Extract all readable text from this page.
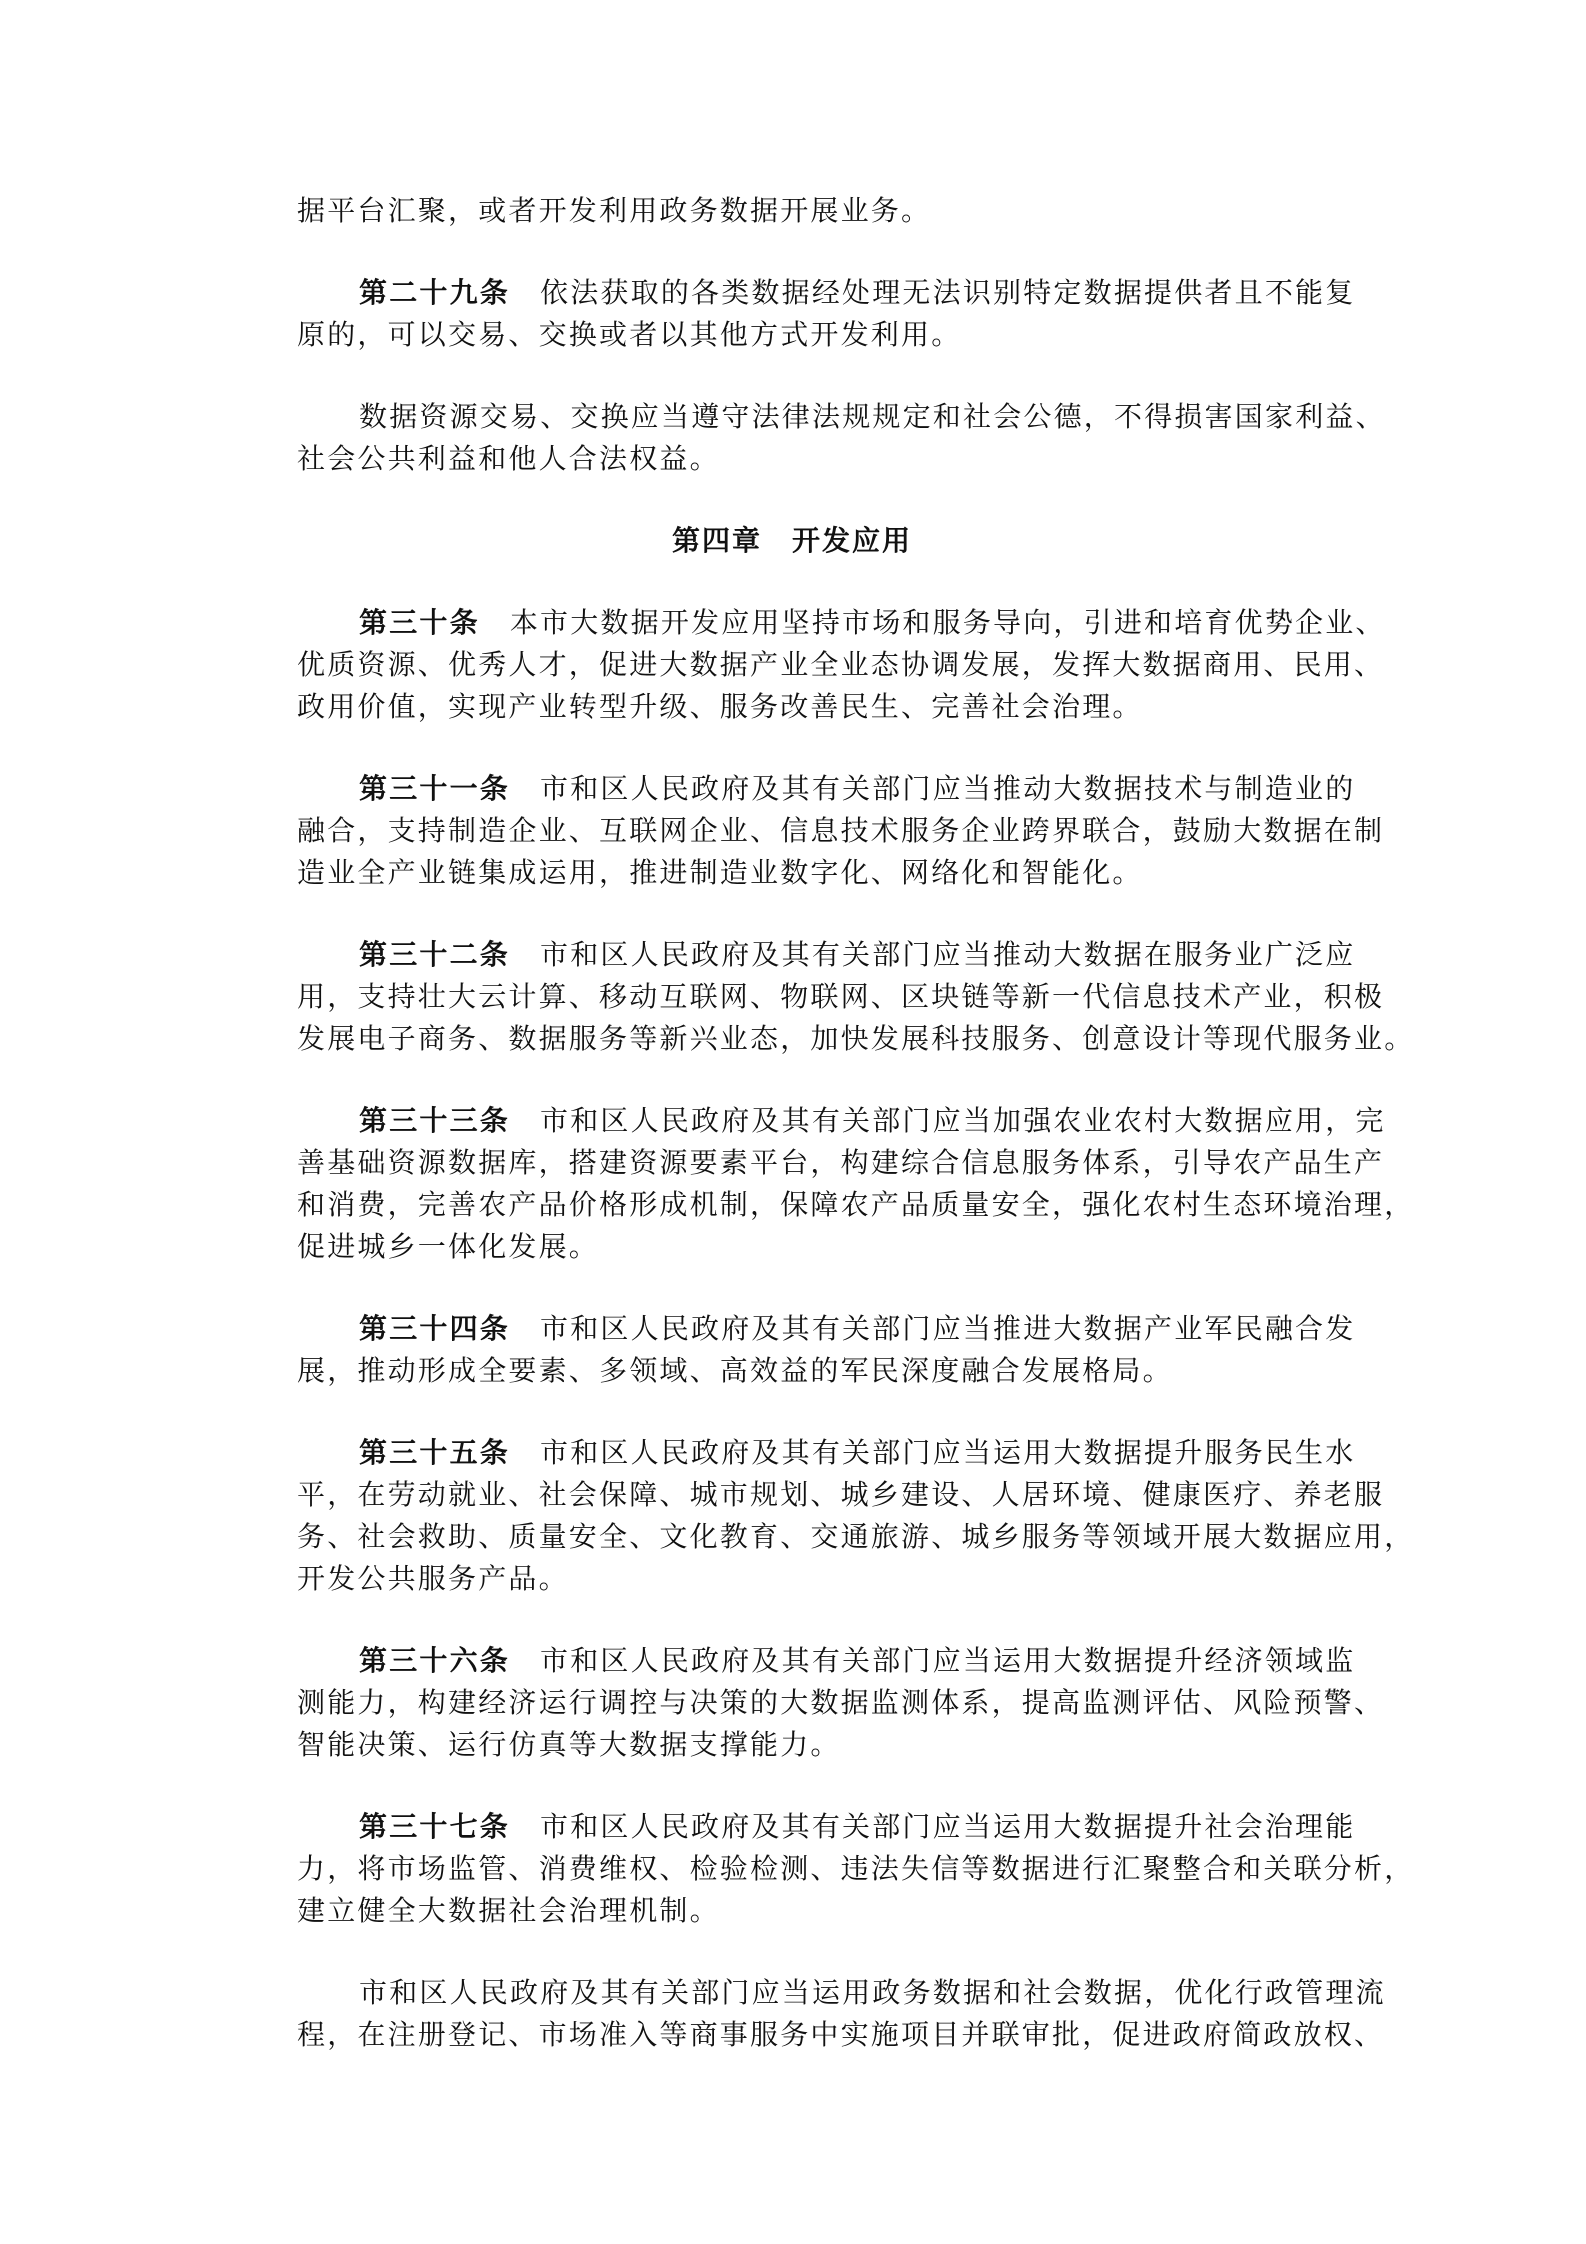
据平台汇聚，或者开发利用政务数据开展业务。

第二十九条 依法获取的各类数据经处理无法识别特定数据提供者且不能复
原的，可以交易、交换或者以其他方式开发利用。

数据资源交易、交换应当遵守法律法规规定和社会公德，不得损害国家利益、
社会公共利益和他人合法权益。

第四章 开发应用

第三十条 本市大数据开发应用坚持市场和服务导向，引进和培育优势企业、
优质资源、优秀人才，促进大数据产业全业态协调发展，发挥大数据商用、民用、
政用价值，实现产业转型升级、服务改善民生、完善社会治理。

第三十一条 市和区人民政府及其有关部门应当推动大数据技术与制造业的
融合，支持制造企业、互联网企业、信息技术服务企业跨界联合，鼓励大数据在制
造业全产业链集成运用，推进制造业数字化、网络化和智能化。

第三十二条 市和区人民政府及其有关部门应当推动大数据在服务业广泛应
用，支持壮大云计算、移动互联网、物联网、区块链等新一代信息技术产业，积极
发展电子商务、数据服务等新兴业态，加快发展科技服务、创意设计等现代服务业。

第三十三条 市和区人民政府及其有关部门应当加强农业农村大数据应用，完
善基础资源数据库，搭建资源要素平台，构建综合信息服务体系，引导农产品生产
和消费，完善农产品价格形成机制，保障农产品质量安全，强化农村生态环境治理，
促进城乡一体化发展。

第三十四条 市和区人民政府及其有关部门应当推进大数据产业军民融合发
展，推动形成全要素、多领域、高效益的军民深度融合发展格局。

第三十五条 市和区人民政府及其有关部门应当运用大数据提升服务民生水
平，在劳动就业、社会保障、城市规划、城乡建设、人居环境、健康医疗、养老服
务、社会救助、质量安全、文化教育、交通旅游、城乡服务等领域开展大数据应用，
开发公共服务产品。

第三十六条 市和区人民政府及其有关部门应当运用大数据提升经济领域监
测能力，构建经济运行调控与决策的大数据监测体系，提高监测评估、风险预警、
智能决策、运行仿真等大数据支撑能力。

第三十七条 市和区人民政府及其有关部门应当运用大数据提升社会治理能
力，将市场监管、消费维权、检验检测、违法失信等数据进行汇聚整合和关联分析，
建立健全大数据社会治理机制。

市和区人民政府及其有关部门应当运用政务数据和社会数据，优化行政管理流
程，在注册登记、市场准入等商事服务中实施项目并联审批，促进政府简政放权、
